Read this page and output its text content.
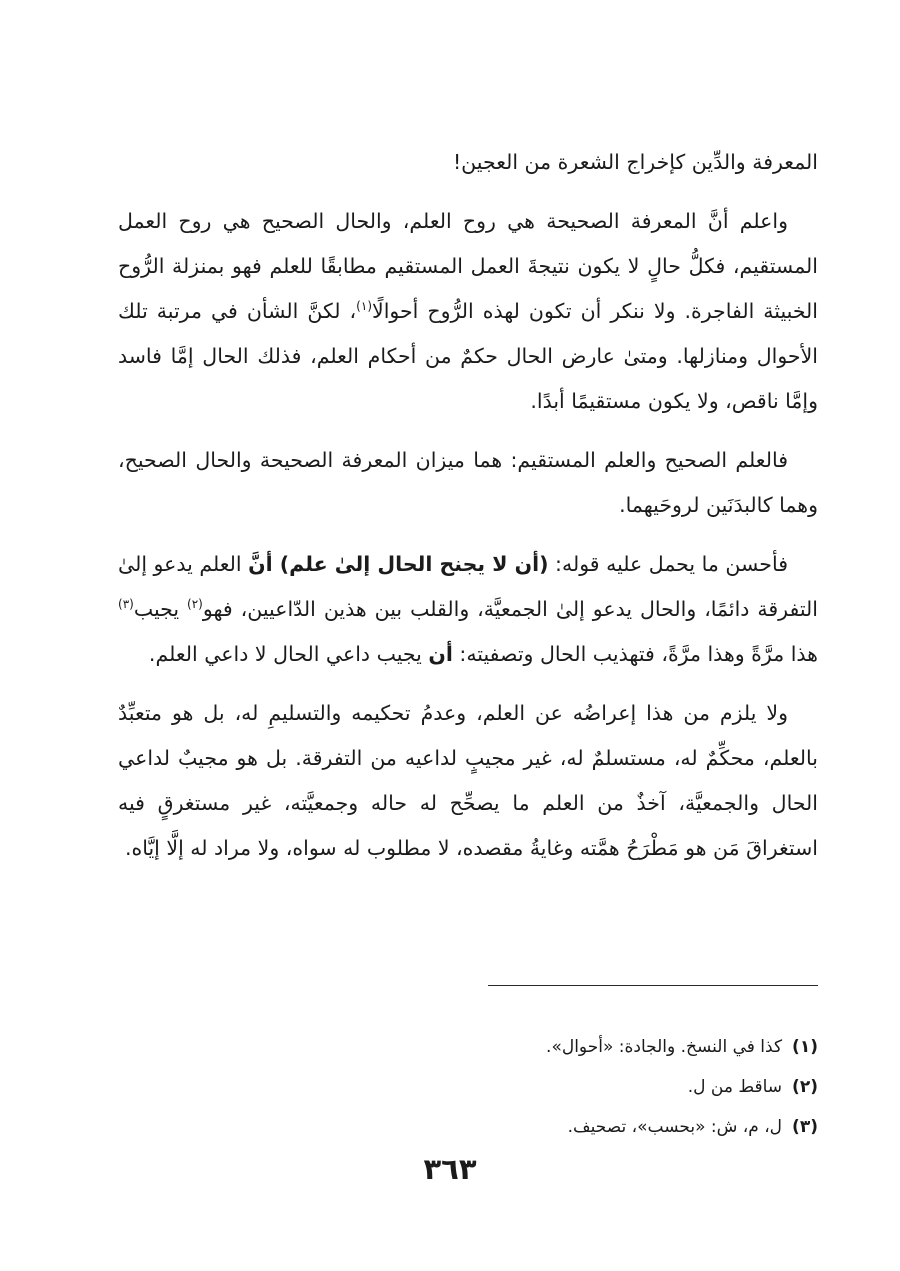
المعرفة والدِّين كإخراج الشعرة من العجين!

واعلم أنَّ المعرفة الصحيحة هي روح العلم، والحال الصحيح هي روح العمل المستقيم، فكلُّ حالٍ لا يكون نتيجةَ العمل المستقيم مطابقًا للعلم فهو بمنزلة الرُّوح الخبيثة الفاجرة. ولا ننكر أن تكون لهذه الرُّوح أحوالًا$^{(١)}$، لكنَّ الشأن في مرتبة تلك الأحوال ومنازلها. ومتىٰ عارض الحال حكمٌ من أحكام العلم، فذلك الحال إمَّا فاسد وإمَّا ناقص، ولا يكون مستقيمًا أبدًا.

فالعلم الصحيح والعلم المستقيم: هما ميزان المعرفة الصحيحة والحال الصحيح، وهما كالبدَنَين لروحَيهما.

فأحسن ما يحمل عليه قوله: (أن لا يجنح الحال إلىٰ علم) أنَّ العلم يدعو إلىٰ التفرقة دائمًا، والحال يدعو إلىٰ الجمعيَّة، والقلب بين هذين الدّاعيين، فهو$^{(٢)}$ يجيب$^{(٣)}$ هذا مرَّةً وهذا مرَّةً، فتهذيب الحال وتصفيته: أن يجيب داعي الحال لا داعي العلم.

ولا يلزم من هذا إعراضُه عن العلم، وعدمُ تحكيمه والتسليمِ له، بل هو متعبِّدٌ بالعلم، محكِّمٌ له، مستسلمٌ له، غير مجيبٍ لداعيه من التفرقة. بل هو مجيبٌ لداعي الحال والجمعيَّة، آخذٌ من العلم ما يصحِّح له حاله وجمعيَّته، غير مستغرقٍ فيه استغراقَ مَن هو مَطْرَحُ همَّته وغايةُ مقصده، لا مطلوب له سواه، ولا مراد له إلَّا إيَّاه.

(١)كذا في النسخ. والجادة: «أحوال».
(٢)ساقط من ل.
(٣)ل، م، ش: «بحسب»، تصحيف.
٣٦٣
